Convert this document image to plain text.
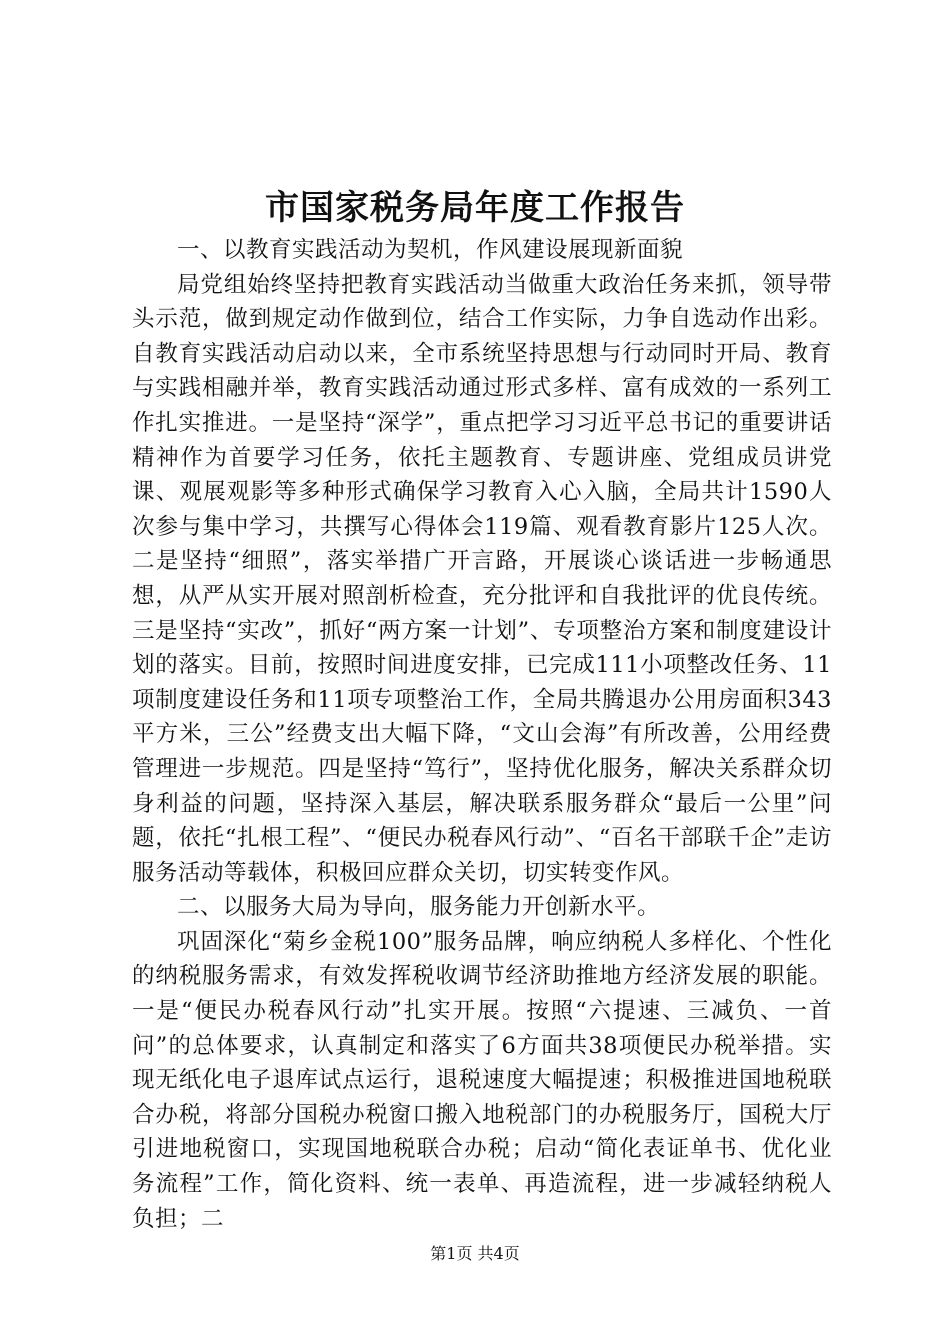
市国家税务局年度工作报告

一、以教育实践活动为契机，作风建设展现新面貌

局党组始终坚持把教育实践活动当做重大政治任务来抓，领导带头示范，做到规定动作做到位，结合工作实际，力争自选动作出彩。自教育实践活动启动以来，全市系统坚持思想与行动同时开局、教育与实践相融并举，教育实践活动通过形式多样、富有成效的一系列工作扎实推进。一是坚持“深学”，重点把学习习近平总书记的重要讲话精神作为首要学习任务，依托主题教育、专题讲座、党组成员讲党课、观展观影等多种形式确保学习教育入心入脑，全局共计1590人次参与集中学习，共撰写心得体会119篇、观看教育影片125人次。二是坚持“细照”，落实举措广开言路，开展谈心谈话进一步畅通思想，从严从实开展对照剖析检查，充分批评和自我批评的优良传统。三是坚持“实改”，抓好“两方案一计划”、专项整治方案和制度建设计划的落实。目前，按照时间进度安排，已完成111小项整改任务、11项制度建设任务和11项专项整治工作，全局共腾退办公用房面积343平方米，三公”经费支出大幅下降，“文山会海”有所改善，公用经费管理进一步规范。四是坚持“笃行”，坚持优化服务，解决关系群众切身利益的问题，坚持深入基层，解决联系服务群众“最后一公里”问题，依托“扎根工程”、“便民办税春风行动”、“百名干部联千企”走访服务活动等载体，积极回应群众关切，切实转变作风。

二、以服务大局为导向，服务能力开创新水平。

巩固深化“菊乡金税100”服务品牌，响应纳税人多样化、个性化的纳税服务需求，有效发挥税收调节经济助推地方经济发展的职能。一是“便民办税春风行动”扎实开展。按照“六提速、三减负、一首问”的总体要求，认真制定和落实了6方面共38项便民办税举措。实现无纸化电子退库试点运行，退税速度大幅提速；积极推进国地税联合办税，将部分国税办税窗口搬入地税部门的办税服务厅，国税大厅引进地税窗口，实现国地税联合办税；启动“简化表证单书、优化业务流程”工作，简化资料、统一表单、再造流程，进一步减轻纳税人负担；二

第1页 共4页
